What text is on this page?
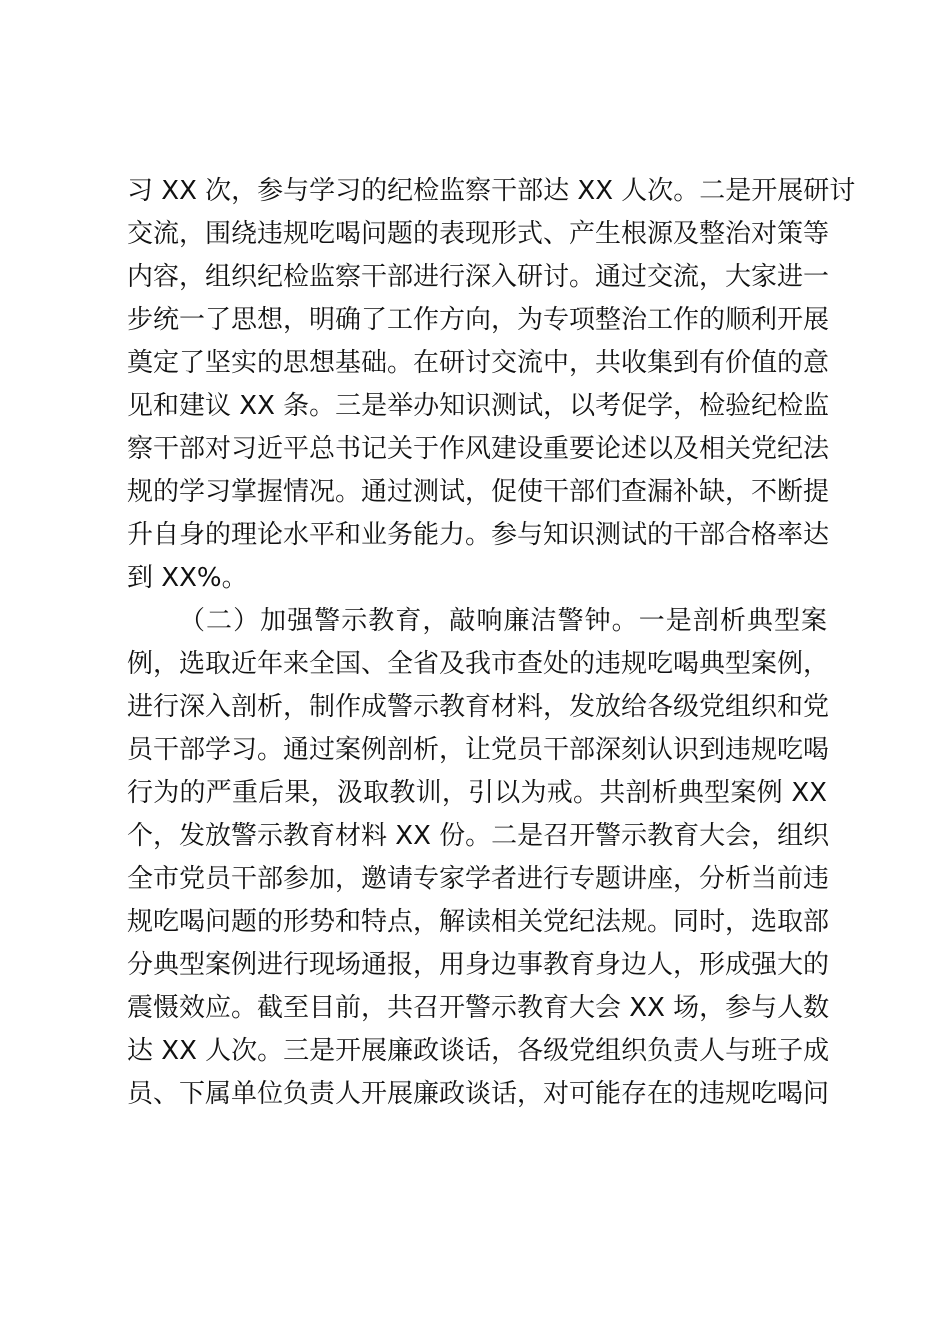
习 XX 次，参与学习的纪检监察干部达 XX 人次。二是开展研讨
交流，围绕违规吃喝问题的表现形式、产生根源及整治对策等
内容，组织纪检监察干部进行深入研讨。通过交流，大家进一
步统一了思想，明确了工作方向，为专项整治工作的顺利开展
奠定了坚实的思想基础。在研讨交流中，共收集到有价值的意
见和建议 XX 条。三是举办知识测试，以考促学，检验纪检监
察干部对习近平总书记关于作风建设重要论述以及相关党纪法
规的学习掌握情况。通过测试，促使干部们查漏补缺，不断提
升自身的理论水平和业务能力。参与知识测试的干部合格率达
到 XX%。
（二）加强警示教育，敲响廉洁警钟。一是剖析典型案
例，选取近年来全国、全省及我市查处的违规吃喝典型案例，
进行深入剖析，制作成警示教育材料，发放给各级党组织和党
员干部学习。通过案例剖析，让党员干部深刻认识到违规吃喝
行为的严重后果，汲取教训，引以为戒。共剖析典型案例 XX
个，发放警示教育材料 XX 份。二是召开警示教育大会，组织
全市党员干部参加，邀请专家学者进行专题讲座，分析当前违
规吃喝问题的形势和特点，解读相关党纪法规。同时，选取部
分典型案例进行现场通报，用身边事教育身边人，形成强大的
震慑效应。截至目前，共召开警示教育大会 XX 场，参与人数
达 XX 人次。三是开展廉政谈话，各级党组织负责人与班子成
员、下属单位负责人开展廉政谈话，对可能存在的违规吃喝问
